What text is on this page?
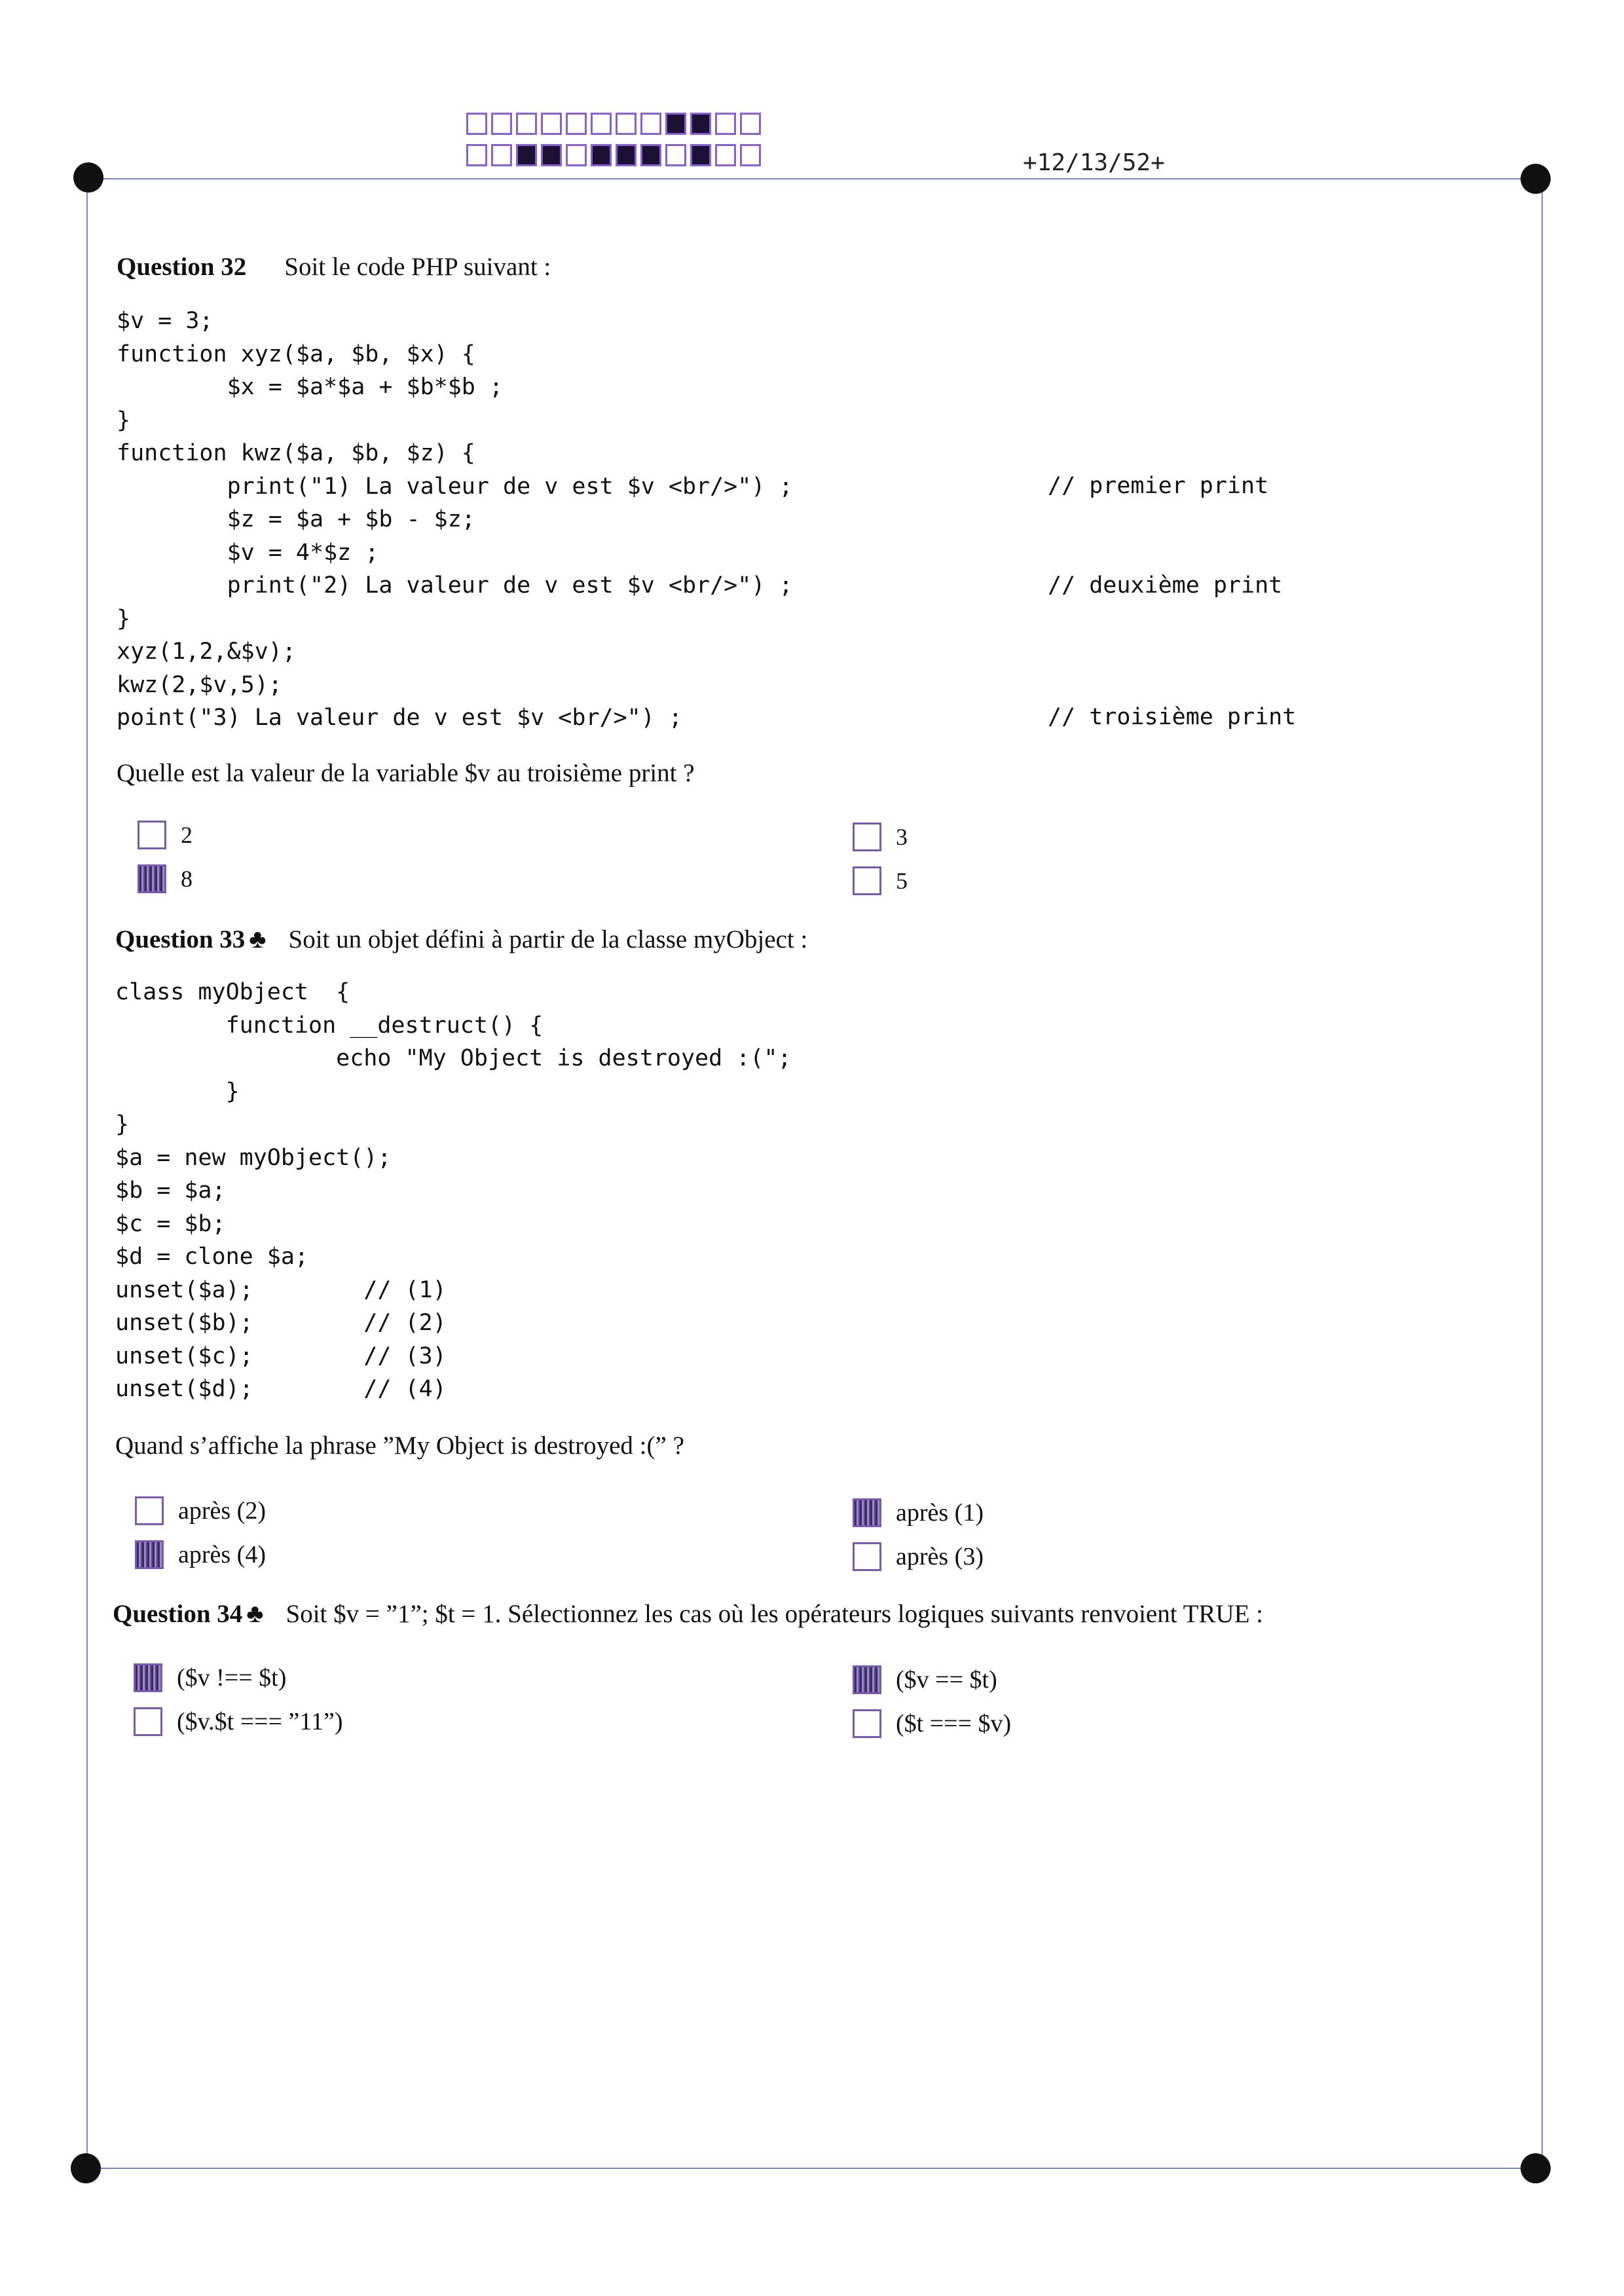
+12/13/52+
Question 32 Soit le code PHP suivant :
$v = 3;
function xyz($a, $b, $x) {
$x = $a*$a + $b*$b ;
}
function kwz($a, $b, $z) {
print("1) La valeur de v est $v <br/>") ;
$z = $a + $b - $z;
$v = 4*$z ;
print("2) La valeur de v est $v <br/>") ;
}
xyz(1,2,&$v);
kwz(2,$v,5);
point("3) La valeur de v est $v <br/>") ;
// premier print
// deuxième print
// troisième print
Quelle est la valeur de la variable $v au troisième print ?
2
8
3
5
Question 33 ♣ Soit un objet défini à partir de la classe myObject :
class myObject  {
function __destruct() {
echo "My Object is destroyed :(";
}
}
$a = new myObject();
$b = $a;
$c = $b;
$d = clone $a;
unset($a);        // (1)
unset($b);        // (2)
unset($c);        // (3)
unset($d);        // (4)
Quand s’affiche la phrase ”My Object is destroyed :(” ?
après (2)
après (4)
après (1)
après (3)
Question 34 ♣ Soit $v = ”1”; $t = 1. Sélectionnez les cas où les opérateurs logiques suivants renvoient TRUE :
($v !== $t)
($v.$t === ”11”)
($v == $t)
($t === $v)
